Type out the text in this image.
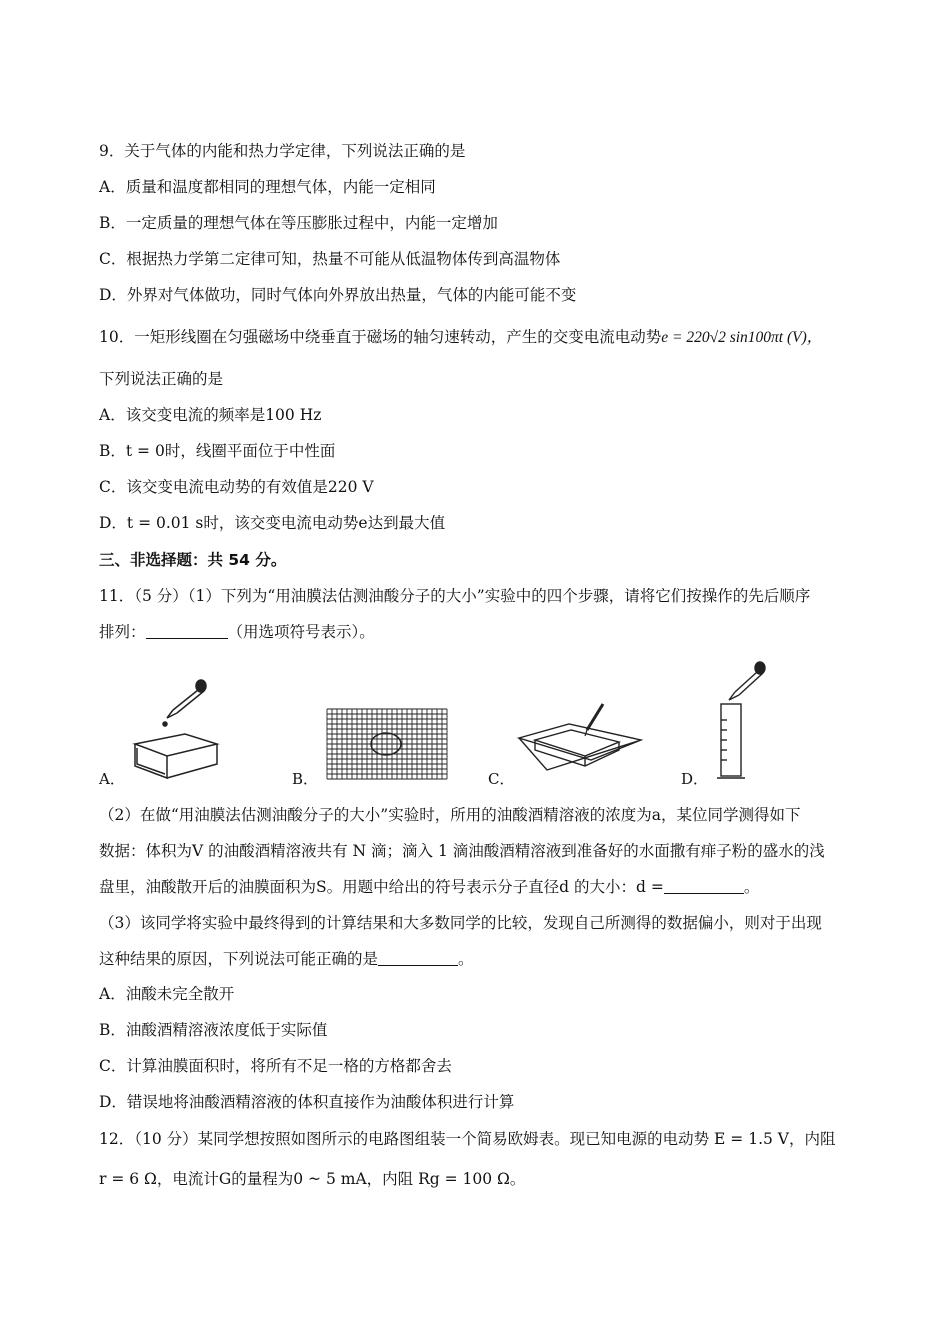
9．关于气体的内能和热力学定律，下列说法正确的是
A．质量和温度都相同的理想气体，内能一定相同
B．一定质量的理想气体在等压膨胀过程中，内能一定增加
C．根据热力学第二定律可知，热量不可能从低温物体传到高温物体
D．外界对气体做功，同时气体向外界放出热量，气体的内能可能不变
10．一矩形线圈在匀强磁场中绕垂直于磁场的轴匀速转动，产生的交变电流电动势e = 220√2 sin100πt (V)，
下列说法正确的是
A．该交变电流的频率是100 Hz
B．t = 0时，线圈平面位于中性面
C．该交变电流电动势的有效值是220 V
D．t = 0.01 s时，该交变电流电动势e达到最大值
三、非选择题：共 54 分。
11．（5 分）（1）下列为“用油膜法估测油酸分子的大小”实验中的四个步骤，请将它们按操作的先后顺序
排列：	（用选项符号表示）。
A．	B．	C．	D．
（2）在做“用油膜法估测油酸分子的大小”实验时，所用的油酸酒精溶液的浓度为a，某位同学测得如下
数据：体积为V 的油酸酒精溶液共有 N 滴；滴入 1 滴油酸酒精溶液到准备好的水面撒有痱子粉的盛水的浅
盘里，油酸散开后的油膜面积为S。用题中给出的符号表示分子直径d 的大小：d =	。
（3）该同学将实验中最终得到的计算结果和大多数同学的比较，发现自己所测得的数据偏小，则对于出现
这种结果的原因，下列说法可能正确的是	。
A．油酸未完全散开
B．油酸酒精溶液浓度低于实际值
C．计算油膜面积时，将所有不足一格的方格都舍去
D．错误地将油酸酒精溶液的体积直接作为油酸体积进行计算
12．（10 分）某同学想按照如图所示的电路图组装一个简易欧姆表。现已知电源的电动势 E = 1.5 V，内阻
r = 6 Ω，电流计G的量程为0 ~ 5 mA，内阻 Rg = 100 Ω。
